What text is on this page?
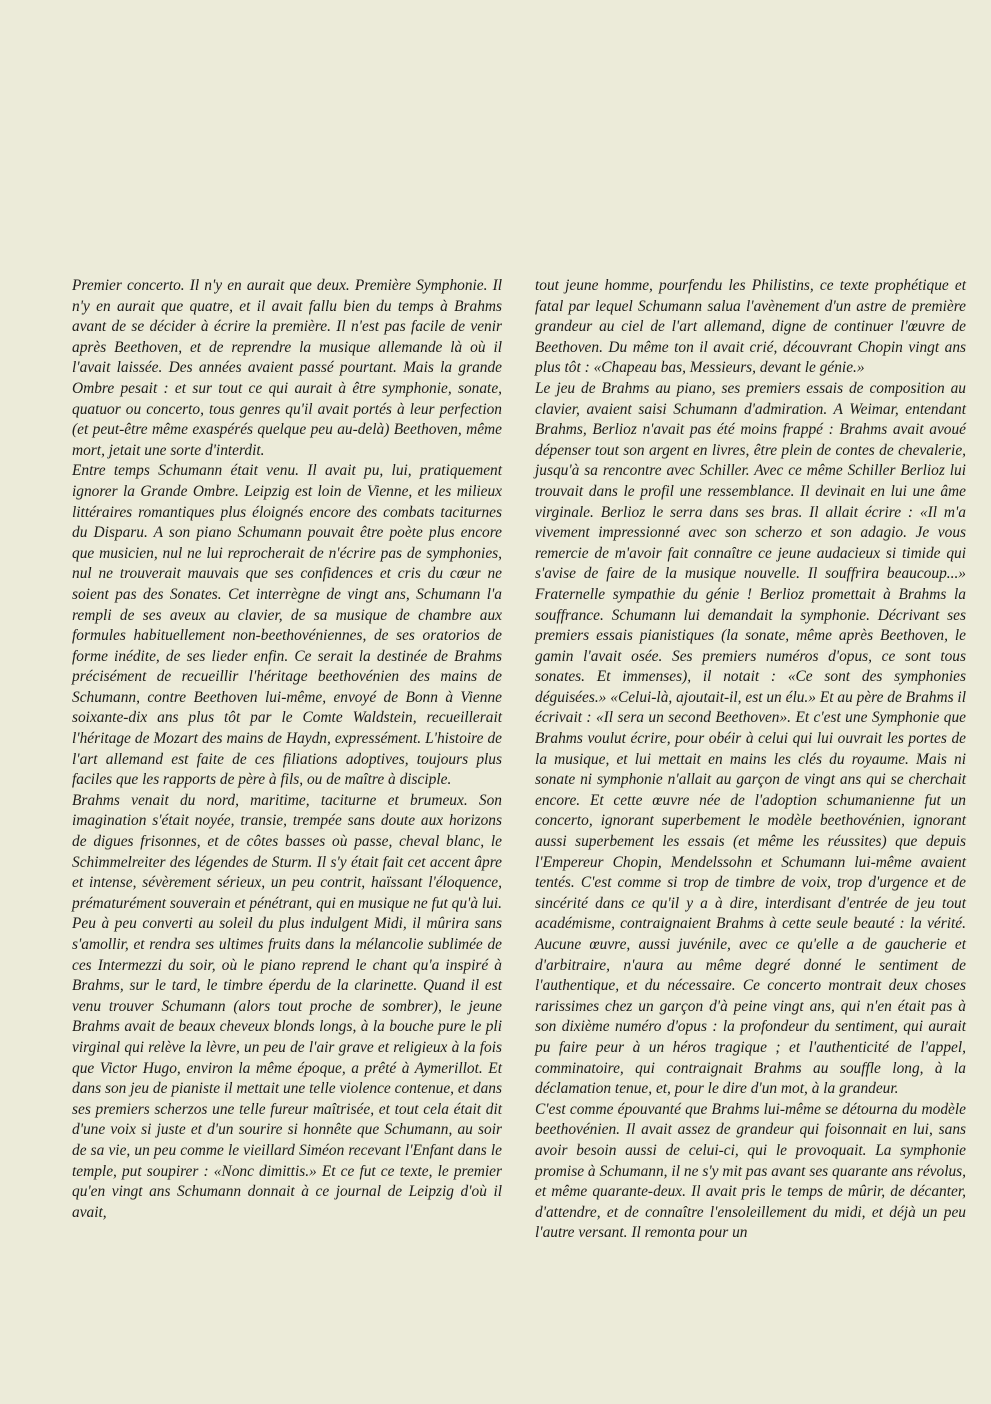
Premier concerto. Il n'y en aurait que deux. Première Symphonie. Il n'y en aurait que quatre, et il avait fallu bien du temps à Brahms avant de se décider à écrire la première. Il n'est pas facile de venir après Beethoven, et de reprendre la musique allemande là où il l'avait laissée. Des années avaient passé pourtant. Mais la grande Ombre pesait : et sur tout ce qui aurait à être symphonie, sonate, quatuor ou concerto, tous genres qu'il avait portés à leur perfection (et peut-être même exaspérés quelque peu au-delà) Beethoven, même mort, jetait une sorte d'interdit.

Entre temps Schumann était venu. Il avait pu, lui, pratiquement ignorer la Grande Ombre. Leipzig est loin de Vienne, et les milieux littéraires romantiques plus éloignés encore des combats taciturnes du Disparu. A son piano Schumann pouvait être poète plus encore que musicien, nul ne lui reprocherait de n'écrire pas de symphonies, nul ne trouverait mauvais que ses confidences et cris du cœur ne soient pas des Sonates. Cet interrègne de vingt ans, Schumann l'a rempli de ses aveux au clavier, de sa musique de chambre aux formules habituellement non-beethovéniennes, de ses oratorios de forme inédite, de ses lieder enfin. Ce serait la destinée de Brahms précisément de recueillir l'héritage beethovénien des mains de Schumann, contre Beethoven lui-même, envoyé de Bonn à Vienne soixante-dix ans plus tôt par le Comte Waldstein, recueillerait l'héritage de Mozart des mains de Haydn, expressément. L'histoire de l'art allemand est faite de ces filiations adoptives, toujours plus faciles que les rapports de père à fils, ou de maître à disciple.

Brahms venait du nord, maritime, taciturne et brumeux. Son imagination s'était noyée, transie, trempée sans doute aux horizons de digues frisonnes, et de côtes basses où passe, cheval blanc, le Schimmelreiter des légendes de Sturm. Il s'y était fait cet accent âpre et intense, sévèrement sérieux, un peu contrit, haïssant l'éloquence, prématurément souverain et pénétrant, qui en musique ne fut qu'à lui. Peu à peu converti au soleil du plus indulgent Midi, il mûrira sans s'amollir, et rendra ses ultimes fruits dans la mélancolie sublimée de ces Intermezzi du soir, où le piano reprend le chant qu'a inspiré à Brahms, sur le tard, le timbre éperdu de la clarinette. Quand il est venu trouver Schumann (alors tout proche de sombrer), le jeune Brahms avait de beaux cheveux blonds longs, à la bouche pure le pli virginal qui relève la lèvre, un peu de l'air grave et religieux à la fois que Victor Hugo, environ la même époque, a prêté à Aymerillot. Et dans son jeu de pianiste il mettait une telle violence contenue, et dans ses premiers scherzos une telle fureur maîtrisée, et tout cela était dit d'une voix si juste et d'un sourire si honnête que Schumann, au soir de sa vie, un peu comme le vieillard Siméon recevant l'Enfant dans le temple, put soupirer : «Nonc dimittis.» Et ce fut ce texte, le premier qu'en vingt ans Schumann donnait à ce journal de Leipzig d'où il avait,

tout jeune homme, pourfendu les Philistins, ce texte prophétique et fatal par lequel Schumann salua l'avènement d'un astre de première grandeur au ciel de l'art allemand, digne de continuer l'œuvre de Beethoven. Du même ton il avait crié, découvrant Chopin vingt ans plus tôt : «Chapeau bas, Messieurs, devant le génie.»

Le jeu de Brahms au piano, ses premiers essais de composition au clavier, avaient saisi Schumann d'admiration. A Weimar, entendant Brahms, Berlioz n'avait pas été moins frappé : Brahms avait avoué dépenser tout son argent en livres, être plein de contes de chevalerie, jusqu'à sa rencontre avec Schiller. Avec ce même Schiller Berlioz lui trouvait dans le profil une ressemblance. Il devinait en lui une âme virginale. Berlioz le serra dans ses bras. Il allait écrire : «Il m'a vivement impressionné avec son scherzo et son adagio. Je vous remercie de m'avoir fait connaître ce jeune audacieux si timide qui s'avise de faire de la musique nouvelle. Il souffrira beaucoup...» Fraternelle sympathie du génie ! Berlioz promettait à Brahms la souffrance. Schumann lui demandait la symphonie. Décrivant ses premiers essais pianistiques (la sonate, même après Beethoven, le gamin l'avait osée. Ses premiers numéros d'opus, ce sont tous sonates. Et immenses), il notait : «Ce sont des symphonies déguisées.» «Celui-là, ajoutait-il, est un élu.» Et au père de Brahms il écrivait : «Il sera un second Beethoven». Et c'est une Symphonie que Brahms voulut écrire, pour obéir à celui qui lui ouvrait les portes de la musique, et lui mettait en mains les clés du royaume. Mais ni sonate ni symphonie n'allait au garçon de vingt ans qui se cherchait encore. Et cette œuvre née de l'adoption schumanienne fut un concerto, ignorant superbement le modèle beethovénien, ignorant aussi superbement les essais (et même les réussites) que depuis l'Empereur Chopin, Mendelssohn et Schumann lui-même avaient tentés. C'est comme si trop de timbre de voix, trop d'urgence et de sincérité dans ce qu'il y a à dire, interdisant d'entrée de jeu tout académisme, contraignaient Brahms à cette seule beauté : la vérité. Aucune œuvre, aussi juvénile, avec ce qu'elle a de gaucherie et d'arbitraire, n'aura au même degré donné le sentiment de l'authentique, et du nécessaire. Ce concerto montrait deux choses rarissimes chez un garçon d'à peine vingt ans, qui n'en était pas à son dixième numéro d'opus : la profondeur du sentiment, qui aurait pu faire peur à un héros tragique ; et l'authenticité de l'appel, comminatoire, qui contraignait Brahms au souffle long, à la déclamation tenue, et, pour le dire d'un mot, à la grandeur.

C'est comme épouvanté que Brahms lui-même se détourna du modèle beethovénien. Il avait assez de grandeur qui foisonnait en lui, sans avoir besoin aussi de celui-ci, qui le provoquait. La symphonie promise à Schumann, il ne s'y mit pas avant ses quarante ans révolus, et même quarante-deux. Il avait pris le temps de mûrir, de décanter, d'attendre, et de connaître l'ensoleillement du midi, et déjà un peu l'autre versant. Il remonta pour un
